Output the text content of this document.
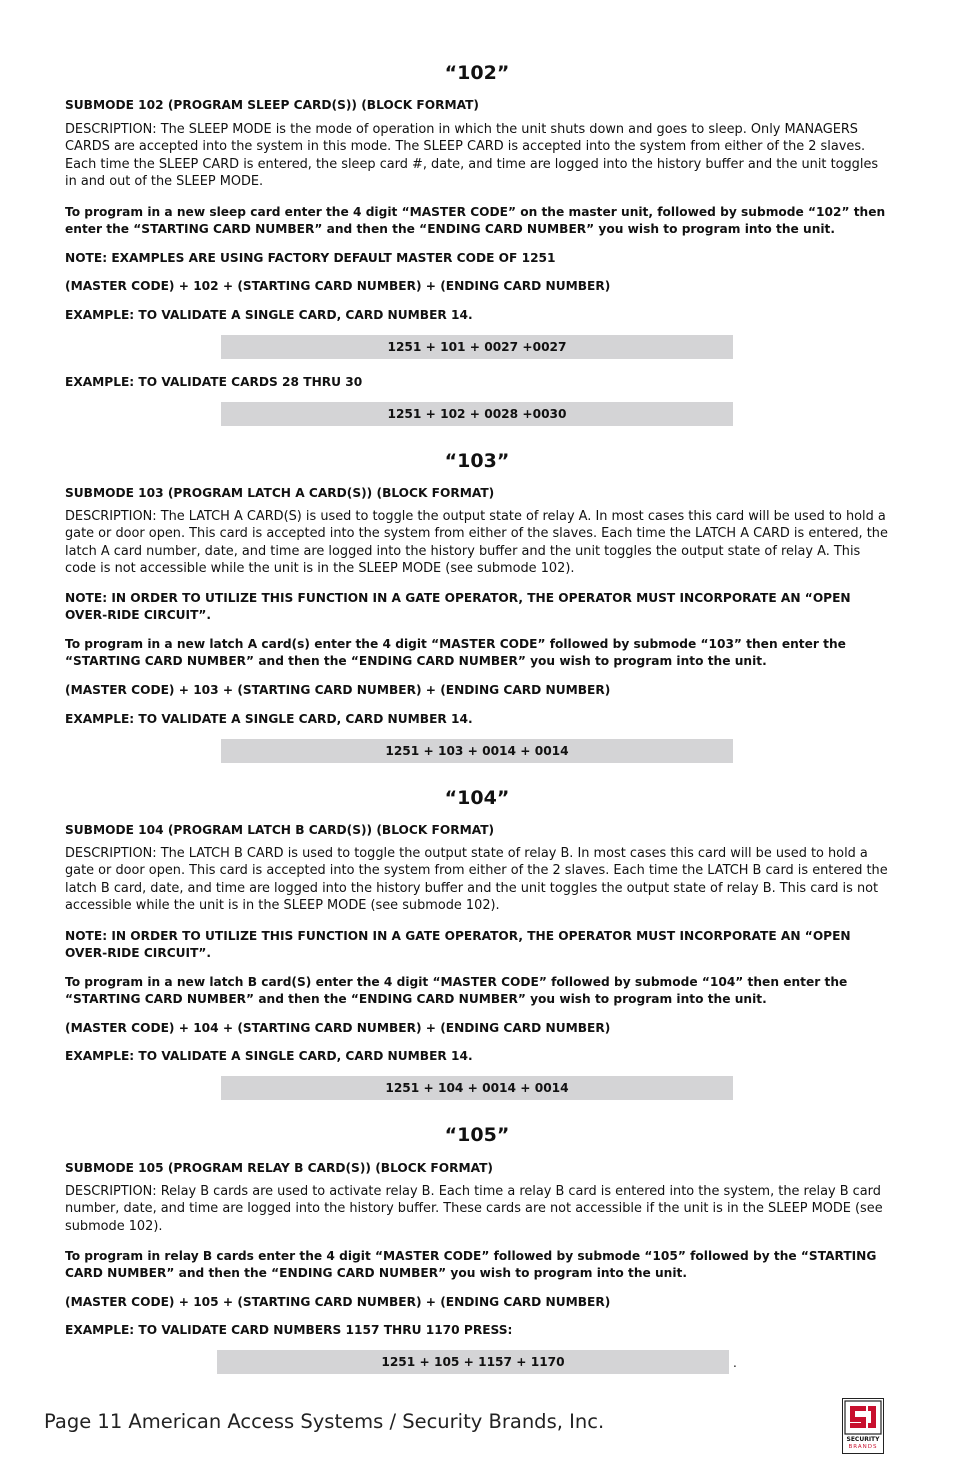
“102”
SUBMODE 102 (PROGRAM SLEEP CARD(S)) (BLOCK FORMAT)
DESCRIPTION: The SLEEP MODE is the mode of operation in which the unit shuts down and goes to sleep. Only MANAGERS CARDS are accepted into the system in this mode. The SLEEP CARD is accepted into the system from either of the 2 slaves. Each time the SLEEP CARD is entered, the sleep card #, date, and time are logged into the history buffer and the unit toggles in and out of the SLEEP MODE.
To program in a new sleep card enter the 4 digit “MASTER CODE” on the master unit, followed by submode “102” then enter the “STARTING CARD NUMBER” and then the “ENDING CARD NUMBER” you wish to program into the unit.
NOTE: EXAMPLES ARE USING FACTORY DEFAULT MASTER CODE OF 1251
(MASTER CODE) + 102 + (STARTING CARD NUMBER) + (ENDING CARD NUMBER)
EXAMPLE: TO VALIDATE A SINGLE CARD, CARD NUMBER 14.
1251 + 101 + 0027 +0027
EXAMPLE: TO VALIDATE CARDS 28 THRU 30
1251 + 102 + 0028 +0030
“103”
SUBMODE 103 (PROGRAM LATCH A CARD(S)) (BLOCK FORMAT)
DESCRIPTION: The LATCH A CARD(S) is used to toggle the output state of relay A. In most cases this card will be used to hold a gate or door open. This card is accepted into the system from either of the slaves. Each time the LATCH A CARD is entered, the latch A card number, date, and time are logged into the history buffer and the unit toggles the output state of relay A. This code is not accessible while the unit is in the SLEEP MODE (see submode 102).
NOTE: IN ORDER TO UTILIZE THIS FUNCTION IN A GATE OPERATOR, THE OPERATOR MUST INCORPORATE AN “OPEN OVER-RIDE CIRCUIT”.
To program in a new latch A card(s) enter the 4 digit “MASTER CODE” followed by submode “103” then enter the “STARTING CARD NUMBER” and then the “ENDING CARD NUMBER” you wish to program into the unit.
(MASTER CODE) + 103 + (STARTING CARD NUMBER) + (ENDING CARD NUMBER)
EXAMPLE: TO VALIDATE A SINGLE CARD, CARD NUMBER 14.
1251 + 103 + 0014 + 0014
“104”
SUBMODE 104 (PROGRAM LATCH B CARD(S)) (BLOCK FORMAT)
DESCRIPTION: The LATCH B CARD is used to toggle the output state of relay B. In most cases this card will be used to hold a gate or door open. This card is accepted into the system from either of the 2 slaves. Each time the LATCH B card is entered the latch B card, date, and time are logged into the history buffer and the unit toggles the output state of relay B. This card is not accessible while the unit is in the SLEEP MODE (see submode 102).
NOTE: IN ORDER TO UTILIZE THIS FUNCTION IN A GATE OPERATOR, THE OPERATOR MUST INCORPORATE AN “OPEN OVER-RIDE CIRCUIT”.
To program in a new latch B card(S) enter the 4 digit “MASTER CODE” followed by submode “104” then enter the “STARTING CARD NUMBER” and then the “ENDING CARD NUMBER” you wish to program into the unit.
(MASTER CODE) + 104 + (STARTING CARD NUMBER) + (ENDING CARD NUMBER)
EXAMPLE: TO VALIDATE A SINGLE CARD, CARD NUMBER 14.
1251 + 104 + 0014 + 0014
“105”
SUBMODE 105 (PROGRAM RELAY B CARD(S)) (BLOCK FORMAT)
DESCRIPTION: Relay B cards are used to activate relay B. Each time a relay B card is entered into the system, the relay B card number, date, and time are logged into the history buffer. These cards are not accessible if the unit is in the SLEEP MODE (see submode 102).
To program in relay B cards enter the 4 digit “MASTER CODE” followed by submode “105” followed by the “STARTING CARD NUMBER” and then the “ENDING CARD NUMBER” you wish to program into the unit.
(MASTER CODE) + 105 + (STARTING CARD NUMBER) + (ENDING CARD NUMBER)
EXAMPLE: TO VALIDATE CARD NUMBERS 1157 THRU 1170 PRESS:
1251 + 105 + 1157 + 1170	.
Page 11 American Access Systems / Security Brands, Inc.
SECURITY
BRANDS
